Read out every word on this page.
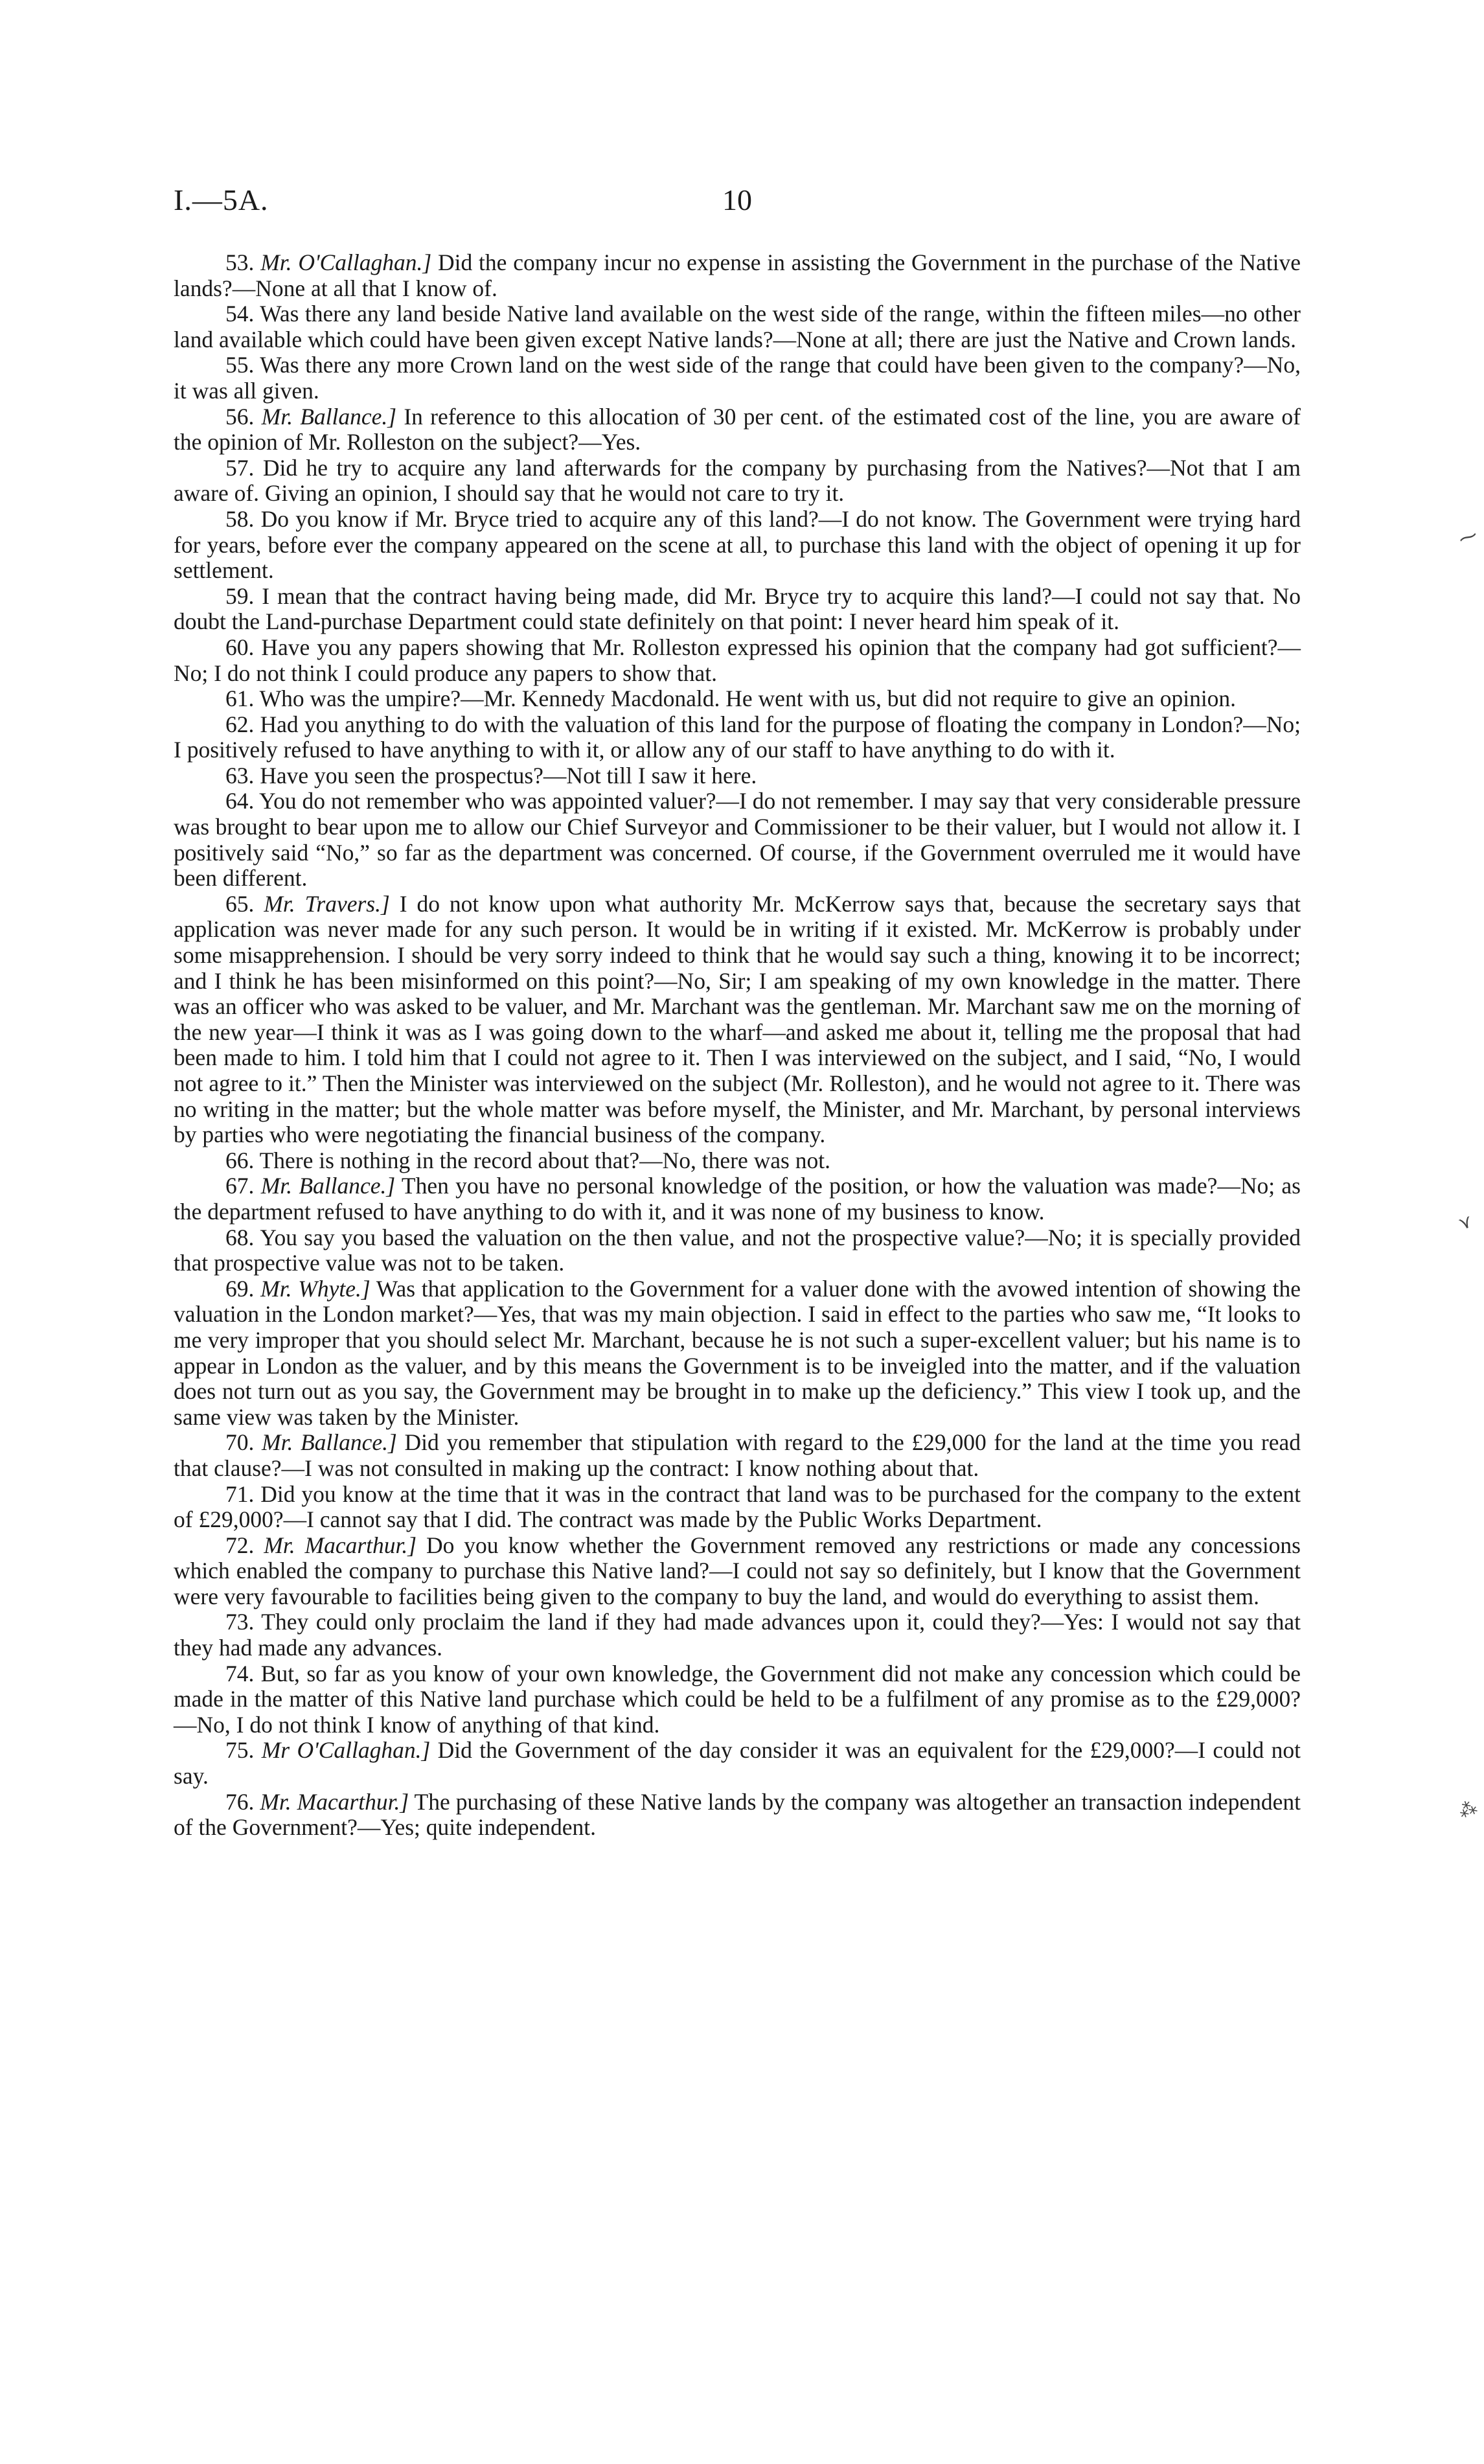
I.—5A.	10

53. Mr. O'Callaghan.] Did the company incur no expense in assisting the Government in the purchase of the Native lands?—None at all that I know of.

54. Was there any land beside Native land available on the west side of the range, within the fifteen miles—no other land available which could have been given except Native lands?—None at all; there are just the Native and Crown lands.

55. Was there any more Crown land on the west side of the range that could have been given to the company?—No, it was all given.

56. Mr. Ballance.] In reference to this allocation of 30 per cent. of the estimated cost of the line, you are aware of the opinion of Mr. Rolleston on the subject?—Yes.

57. Did he try to acquire any land afterwards for the company by purchasing from the Natives?—Not that I am aware of. Giving an opinion, I should say that he would not care to try it.

58. Do you know if Mr. Bryce tried to acquire any of this land?—I do not know. The Government were trying hard for years, before ever the company appeared on the scene at all, to purchase this land with the object of opening it up for settlement.

59. I mean that the contract having being made, did Mr. Bryce try to acquire this land?—I could not say that. No doubt the Land-purchase Department could state definitely on that point: I never heard him speak of it.

60. Have you any papers showing that Mr. Rolleston expressed his opinion that the company had got sufficient?—No; I do not think I could produce any papers to show that.

61. Who was the umpire?—Mr. Kennedy Macdonald. He went with us, but did not require to give an opinion.

62. Had you anything to do with the valuation of this land for the purpose of floating the company in London?—No; I positively refused to have anything to with it, or allow any of our staff to have anything to do with it.

63. Have you seen the prospectus?—Not till I saw it here.

64. You do not remember who was appointed valuer?—I do not remember. I may say that very considerable pressure was brought to bear upon me to allow our Chief Surveyor and Commissioner to be their valuer, but I would not allow it. I positively said “No,” so far as the department was concerned. Of course, if the Government overruled me it would have been different.

65. Mr. Travers.] I do not know upon what authority Mr. McKerrow says that, because the secretary says that application was never made for any such person. It would be in writing if it existed. Mr. McKerrow is probably under some misapprehension. I should be very sorry indeed to think that he would say such a thing, knowing it to be incorrect; and I think he has been misinformed on this point?—No, Sir; I am speaking of my own knowledge in the matter. There was an officer who was asked to be valuer, and Mr. Marchant was the gentleman. Mr. Marchant saw me on the morning of the new year—I think it was as I was going down to the wharf—and asked me about it, telling me the proposal that had been made to him. I told him that I could not agree to it. Then I was interviewed on the subject, and I said, “No, I would not agree to it.” Then the Minister was interviewed on the subject (Mr. Rolleston), and he would not agree to it. There was no writing in the matter; but the whole matter was before myself, the Minister, and Mr. Marchant, by personal interviews by parties who were negotiating the financial business of the company.

66. There is nothing in the record about that?—No, there was not.

67. Mr. Ballance.] Then you have no personal knowledge of the position, or how the valuation was made?—No; as the department refused to have anything to do with it, and it was none of my business to know.

68. You say you based the valuation on the then value, and not the prospective value?—No; it is specially provided that prospective value was not to be taken.

69. Mr. Whyte.] Was that application to the Government for a valuer done with the avowed intention of showing the valuation in the London market?—Yes, that was my main objection. I said in effect to the parties who saw me, “It looks to me very improper that you should select Mr. Marchant, because he is not such a super-excellent valuer; but his name is to appear in London as the valuer, and by this means the Government is to be inveigled into the matter, and if the valuation does not turn out as you say, the Government may be brought in to make up the deficiency.” This view I took up, and the same view was taken by the Minister.

70. Mr. Ballance.] Did you remember that stipulation with regard to the £29,000 for the land at the time you read that clause?—I was not consulted in making up the contract: I know nothing about that.

71. Did you know at the time that it was in the contract that land was to be purchased for the company to the extent of £29,000?—I cannot say that I did. The contract was made by the Public Works Department.

72. Mr. Macarthur.] Do you know whether the Government removed any restrictions or made any concessions which enabled the company to purchase this Native land?—I could not say so definitely, but I know that the Government were very favourable to facilities being given to the company to buy the land, and would do everything to assist them.

73. They could only proclaim the land if they had made advances upon it, could they?—Yes: I would not say that they had made any advances.

74. But, so far as you know of your own knowledge, the Government did not make any concession which could be made in the matter of this Native land purchase which could be held to be a fulfilment of any promise as to the £29,000?—No, I do not think I know of anything of that kind.

75. Mr O'Callaghan.] Did the Government of the day consider it was an equivalent for the £29,000?—I could not say.

76. Mr. Macarthur.] The purchasing of these Native lands by the company was altogether an transaction independent of the Government?—Yes; quite independent.

⁓
⋎
⁂
